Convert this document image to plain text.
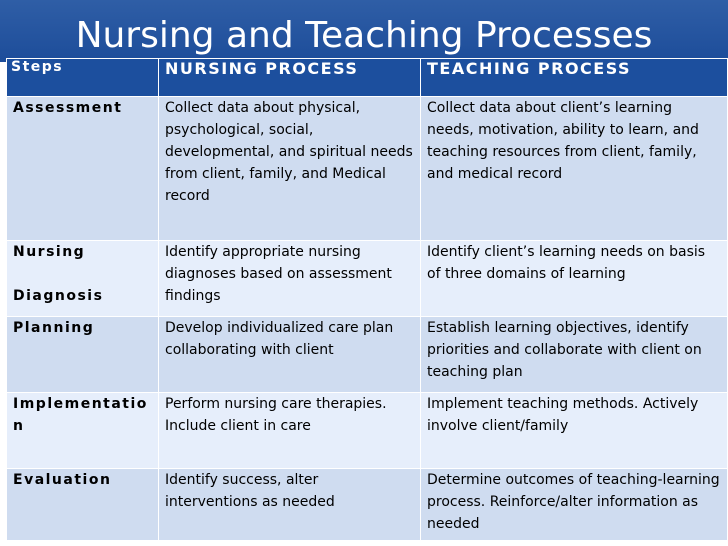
Nursing and Teaching Processes
Steps	NURSING PROCESS	TEACHING PROCESS
Assessment	Collect data about physical, psychological, social, developmental, and spiritual needs from client, family, and Medical record	Collect data about client’s learning needs, motivation, ability to learn, and teaching resources from client, family, and medical record

Nursing
Diagnosis	Identify appropriate nursing diagnoses based on assessment findings	Identify client’s learning needs on basis of three domains of learning
Planning	Develop individualized care plan collaborating with client	Establish learning objectives, identify priorities and collaborate with client on teaching plan
Implementation	Perform nursing care therapies. Include client in care	Implement teaching methods. Actively involve client/family
Evaluation	Identify success, alter interventions as needed	Determine outcomes of teaching-learning process. Reinforce/alter information as needed
